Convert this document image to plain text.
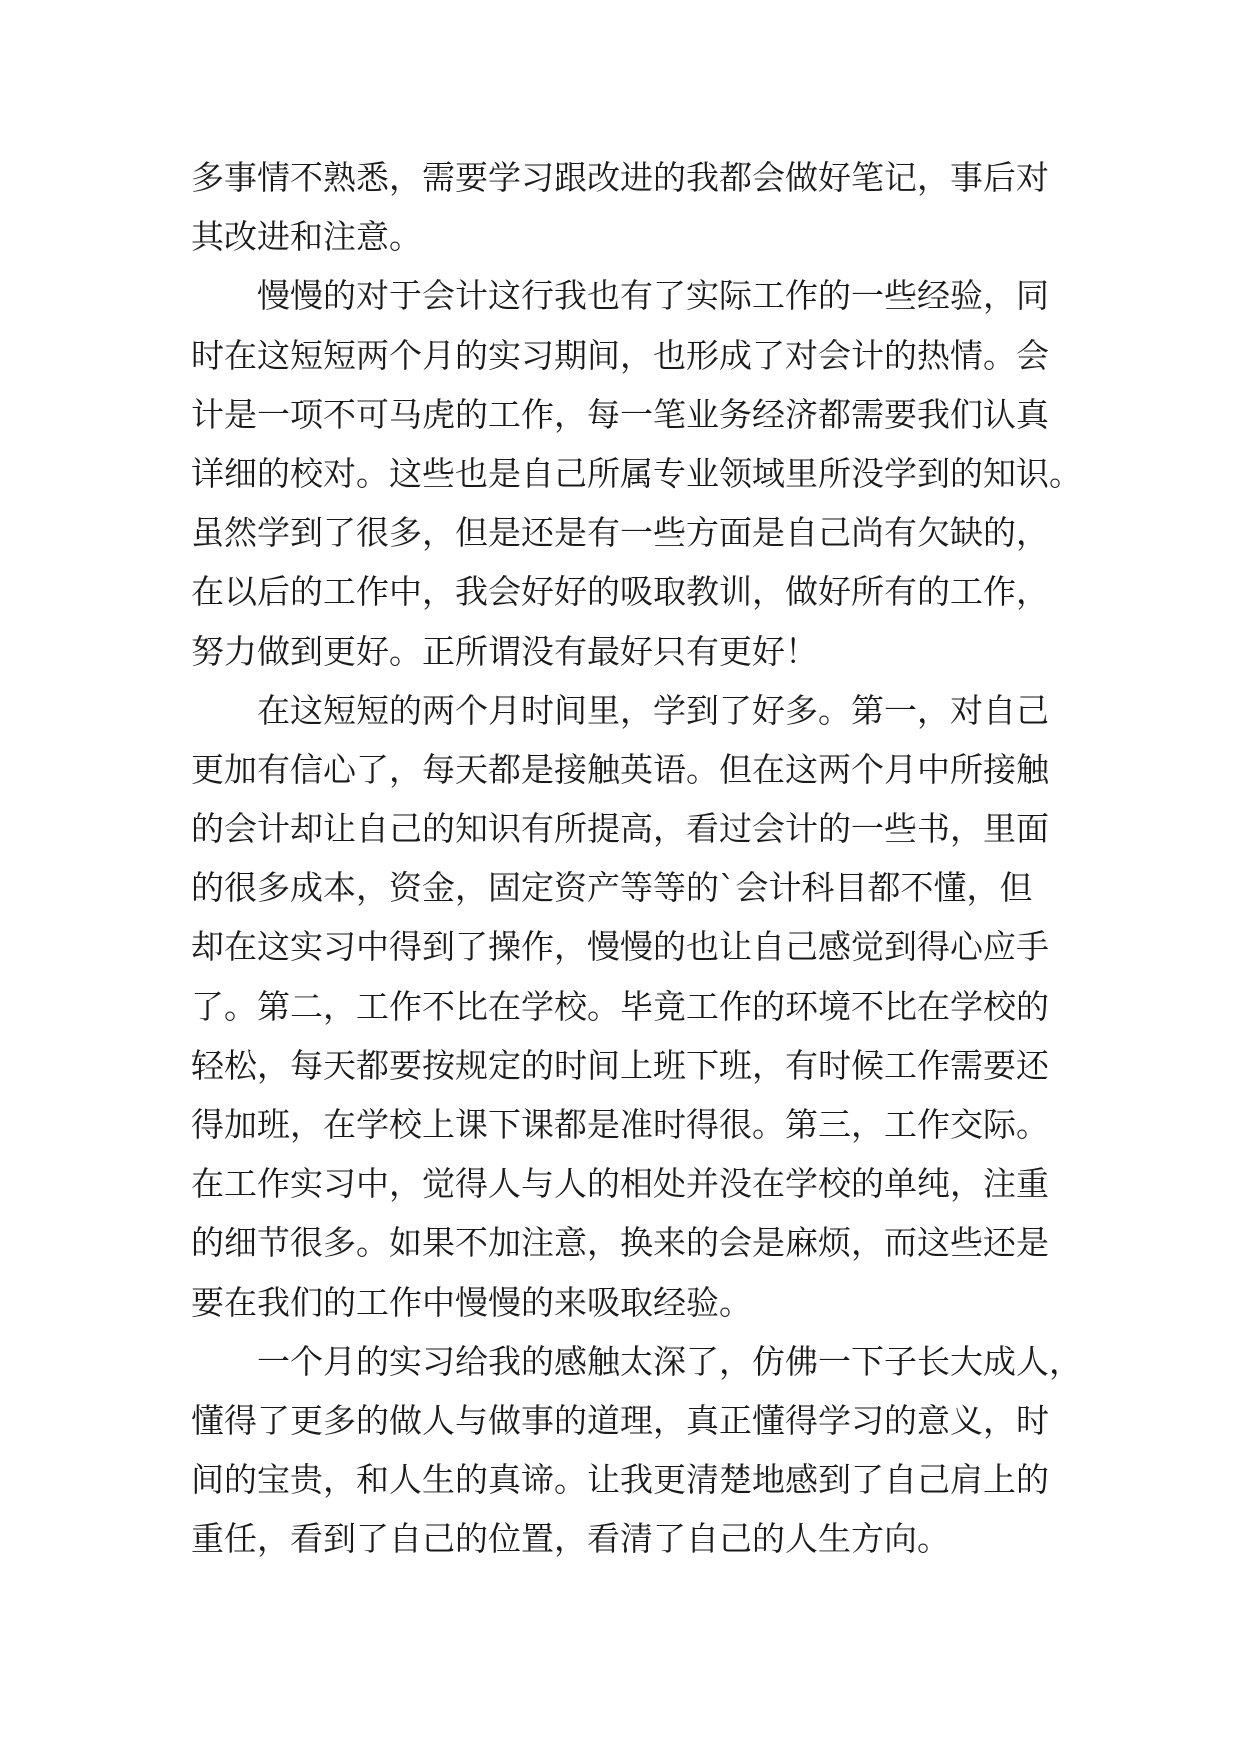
多事情不熟悉，需要学习跟改进的我都会做好笔记，事后对
其改进和注意。
慢慢的对于会计这行我也有了实际工作的一些经验，同
时在这短短两个月的实习期间，也形成了对会计的热情。会
计是一项不可马虎的工作，每一笔业务经济都需要我们认真
详细的校对。这些也是自己所属专业领域里所没学到的知识。
虽然学到了很多，但是还是有一些方面是自己尚有欠缺的，
在以后的工作中，我会好好的吸取教训，做好所有的工作，
努力做到更好。正所谓没有最好只有更好！
在这短短的两个月时间里，学到了好多。第一，对自己
更加有信心了，每天都是接触英语。但在这两个月中所接触
的会计却让自己的知识有所提高，看过会计的一些书，里面
的很多成本，资金，固定资产等等的`会计科目都不懂，但
却在这实习中得到了操作，慢慢的也让自己感觉到得心应手
了。第二，工作不比在学校。毕竟工作的环境不比在学校的
轻松，每天都要按规定的时间上班下班，有时候工作需要还
得加班，在学校上课下课都是准时得很。第三，工作交际。
在工作实习中，觉得人与人的相处并没在学校的单纯，注重
的细节很多。如果不加注意，换来的会是麻烦，而这些还是
要在我们的工作中慢慢的来吸取经验。
一个月的实习给我的感触太深了，仿佛一下子长大成人，
懂得了更多的做人与做事的道理，真正懂得学习的意义，时
间的宝贵，和人生的真谛。让我更清楚地感到了自己肩上的
重任，看到了自己的位置，看清了自己的人生方向。
